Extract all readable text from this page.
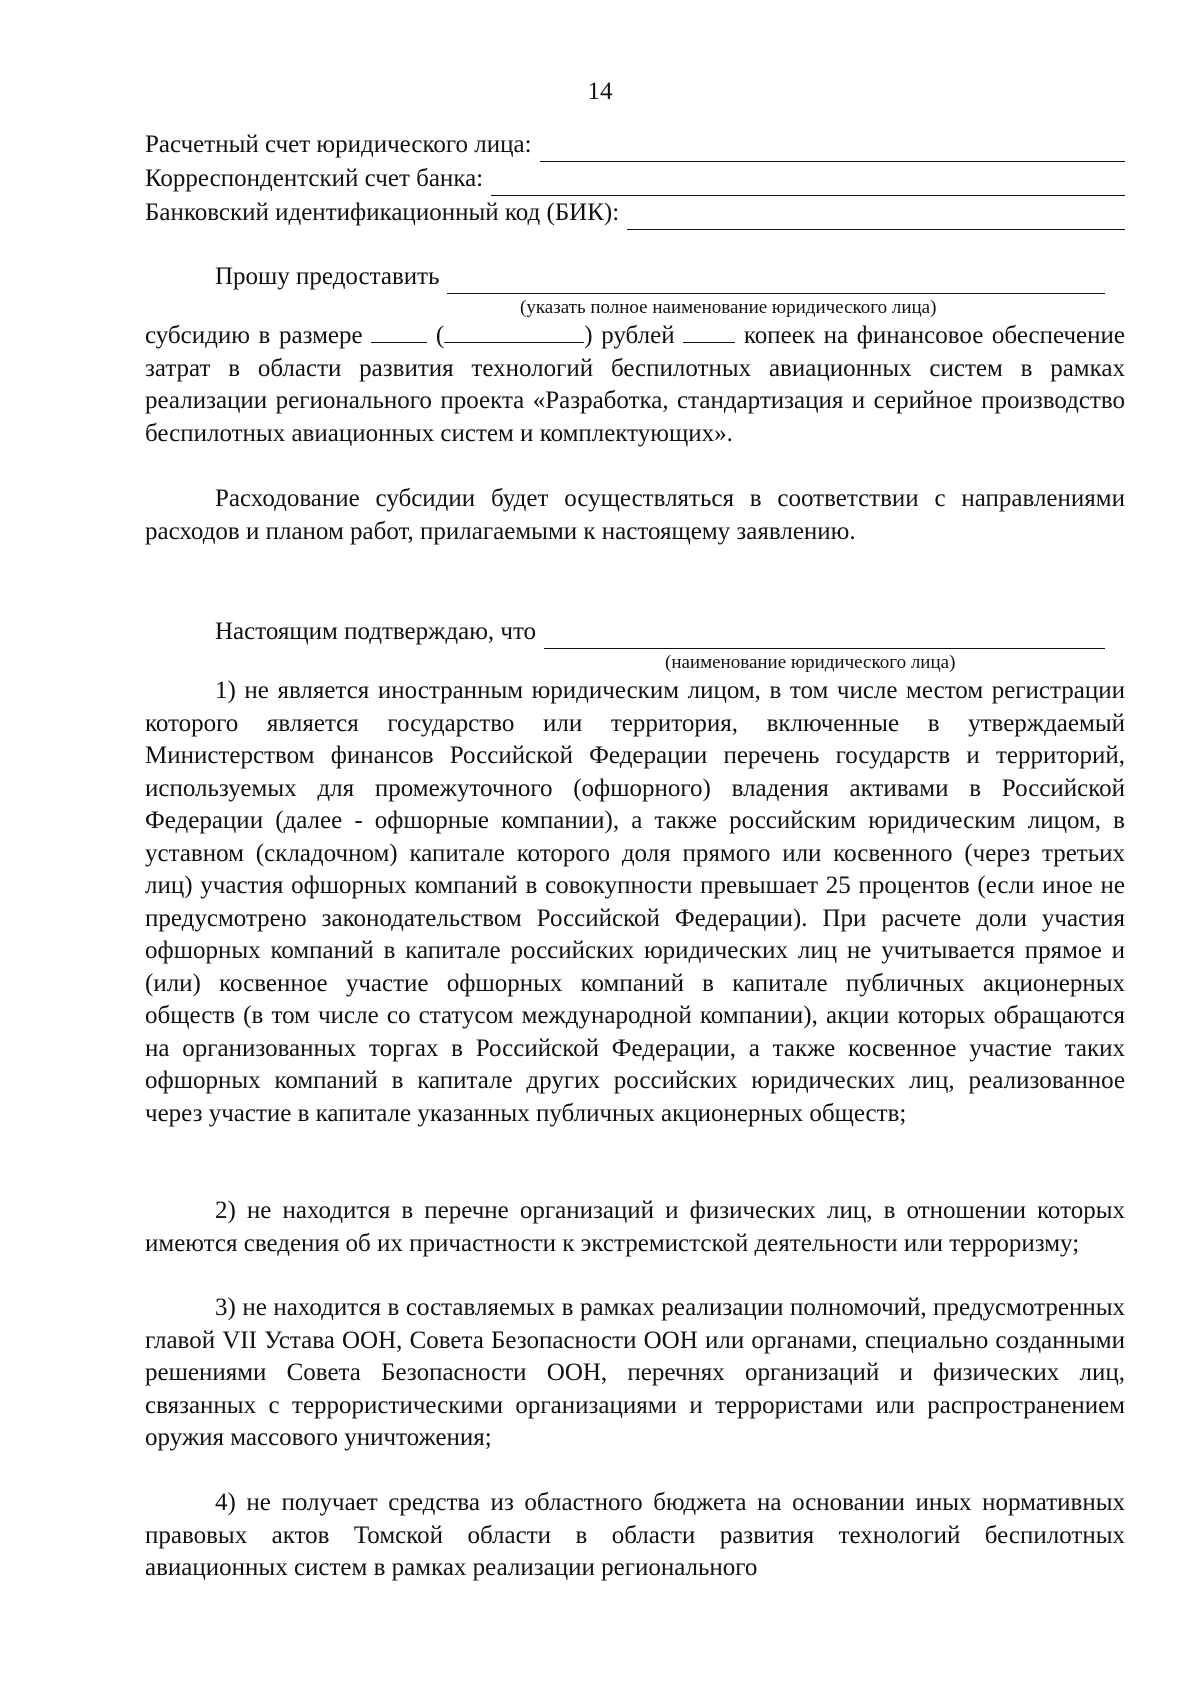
14
Расчетный счет юридического лица:
Корреспондентский счет банка:
Банковский идентификационный код (БИК):
Прошу предоставить
(указать полное наименование юридического лица)

субсидию в размере	(	) рублей	копеек на финансовое обеспечение затрат в области развития технологий беспилотных авиационных систем в рамках реализации регионального проекта «Разработка, стандартизация и серийное производство беспилотных авиационных систем и комплектующих».

Расходование субсидии будет осуществляться в соответствии с направлениями расходов и планом работ, прилагаемыми к настоящему заявлению.

Настоящим подтверждаю, что
(наименование юридического лица)

1) не является иностранным юридическим лицом, в том числе местом регистрации которого является государство или территория, включенные в утверждаемый Министерством финансов Российской Федерации перечень государств и территорий, используемых для промежуточного (офшорного) владения активами в Российской Федерации (далее - офшорные компании), а также российским юридическим лицом, в уставном (складочном) капитале которого доля прямого или косвенного (через третьих лиц) участия офшорных компаний в совокупности превышает 25 процентов (если иное не предусмотрено законодательством Российской Федерации). При расчете доли участия офшорных компаний в капитале российских юридических лиц не учитывается прямое и (или) косвенное участие офшорных компаний в капитале публичных акционерных обществ (в том числе со статусом международной компании), акции которых обращаются на организованных торгах в Российской Федерации, а также косвенное участие таких офшорных компаний в капитале других российских юридических лиц, реализованное через участие в капитале указанных публичных акционерных обществ;

2) не находится в перечне организаций и физических лиц, в отношении которых имеются сведения об их причастности к экстремистской деятельности или терроризму;

3) не находится в составляемых в рамках реализации полномочий, предусмотренных главой VII Устава ООН, Совета Безопасности ООН или органами, специально созданными решениями Совета Безопасности ООН, перечнях организаций и физических лиц, связанных с террористическими организациями и террористами или распространением оружия массового уничтожения;

4) не получает средства из областного бюджета на основании иных нормативных правовых актов Томской области в области развития технологий беспилотных авиационных систем в рамках реализации регионального
